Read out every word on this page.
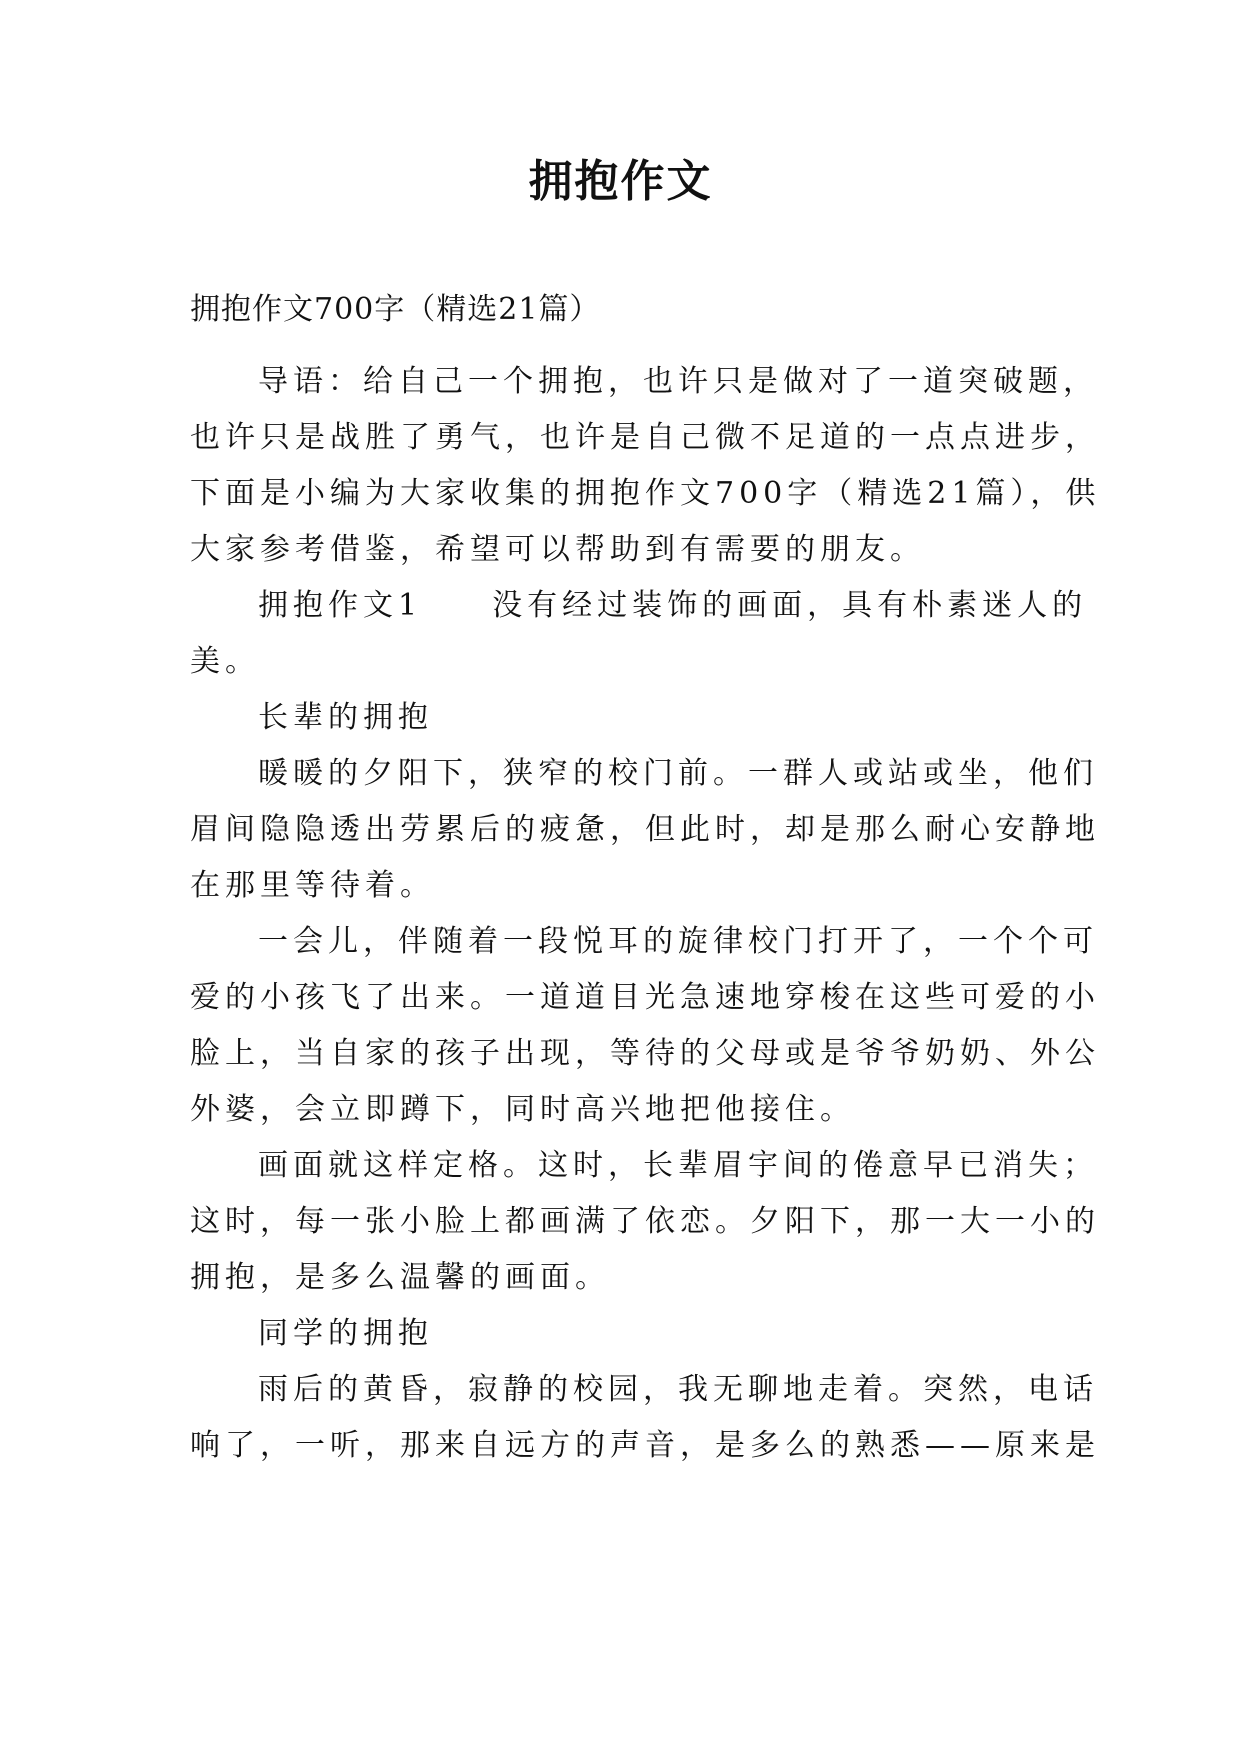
拥抱作文
拥抱作文700字（精选21篇）
导语：给自己一个拥抱，也许只是做对了一道突破题，
也许只是战胜了勇气，也许是自己微不足道的一点点进步，
下面是小编为大家收集的拥抱作文700字（精选21篇），供
大家参考借鉴，希望可以帮助到有需要的朋友。
拥抱作文1 没有经过装饰的画面，具有朴素迷人的
美。
长辈的拥抱
暖暖的夕阳下，狭窄的校门前。一群人或站或坐，他们
眉间隐隐透出劳累后的疲惫，但此时，却是那么耐心安静地
在那里等待着。
一会儿，伴随着一段悦耳的旋律校门打开了，一个个可
爱的小孩飞了出来。一道道目光急速地穿梭在这些可爱的小
脸上，当自家的孩子出现，等待的父母或是爷爷奶奶、外公
外婆，会立即蹲下，同时高兴地把他接住。
画面就这样定格。这时，长辈眉宇间的倦意早已消失；
这时，每一张小脸上都画满了依恋。夕阳下，那一大一小的
拥抱，是多么温馨的画面。
同学的拥抱
雨后的黄昏，寂静的校园，我无聊地走着。突然，电话
响了，一听，那来自远方的声音，是多么的熟悉——原来是
